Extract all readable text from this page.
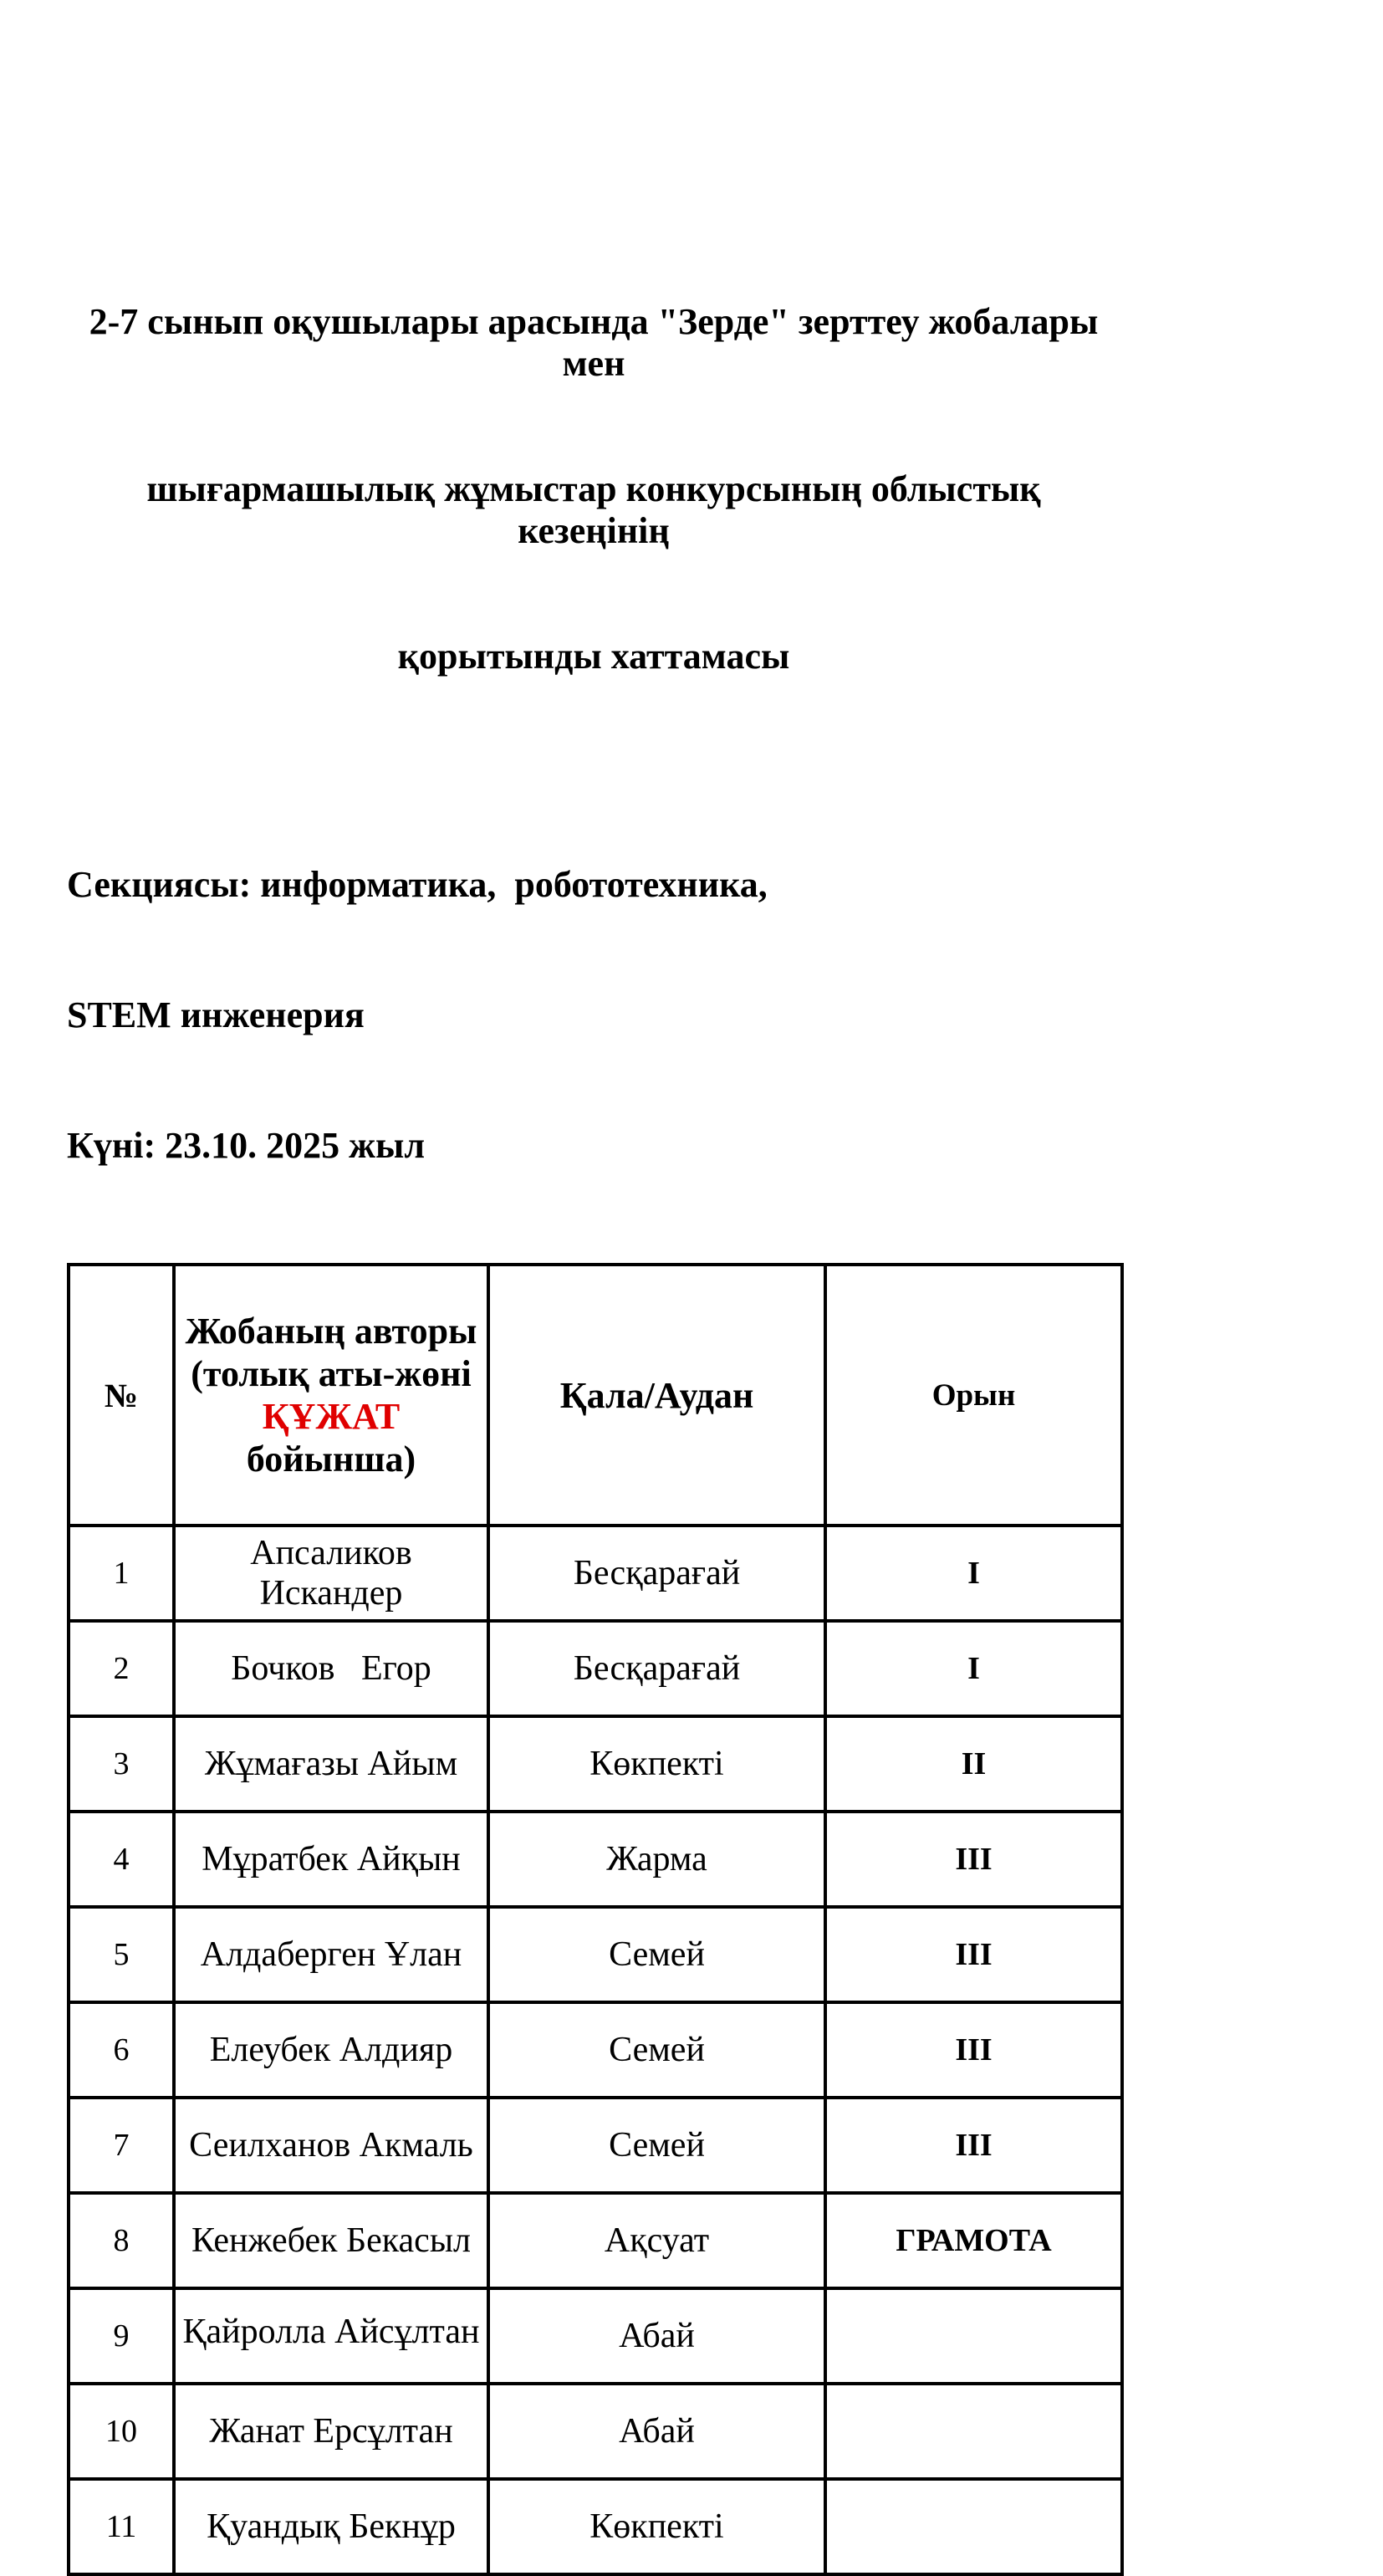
2-7 сынып оқушылары арасында "Зерде" зерттеу жобалары мен

шығармашылық жұмыстар конкурсының облыстық кезеңінің

қорытынды хаттамасы

Секциясы: информатика,  робототехника,

STEM инженерия

Күні: 23.10. 2025 жыл

№	Жобаның авторы
(толық аты-жөні
ҚҰЖАТ бойынша)	Қала/Аудан	Орын
1	Апсаликов Искандер	Бесқарағай	I
2	Бочков   Егор	Бесқарағай	I
3	Жұмағазы Айым	Көкпекті	II
4	Мұратбек Айқын	Жарма	III
5	Алдаберген Ұлан	Семей	III
6	Елеубек Алдияр	Семей	III
7	Сеилханов Акмаль	Семей	III
8	Кенжебек Бекасыл	Ақсуат	ГРАМОТА
9	Қайролла Айсұлтан	Абай	
10	Жанат Ерсұлтан	Абай	
11	Қуандық Бекнұр	Көкпекті	
